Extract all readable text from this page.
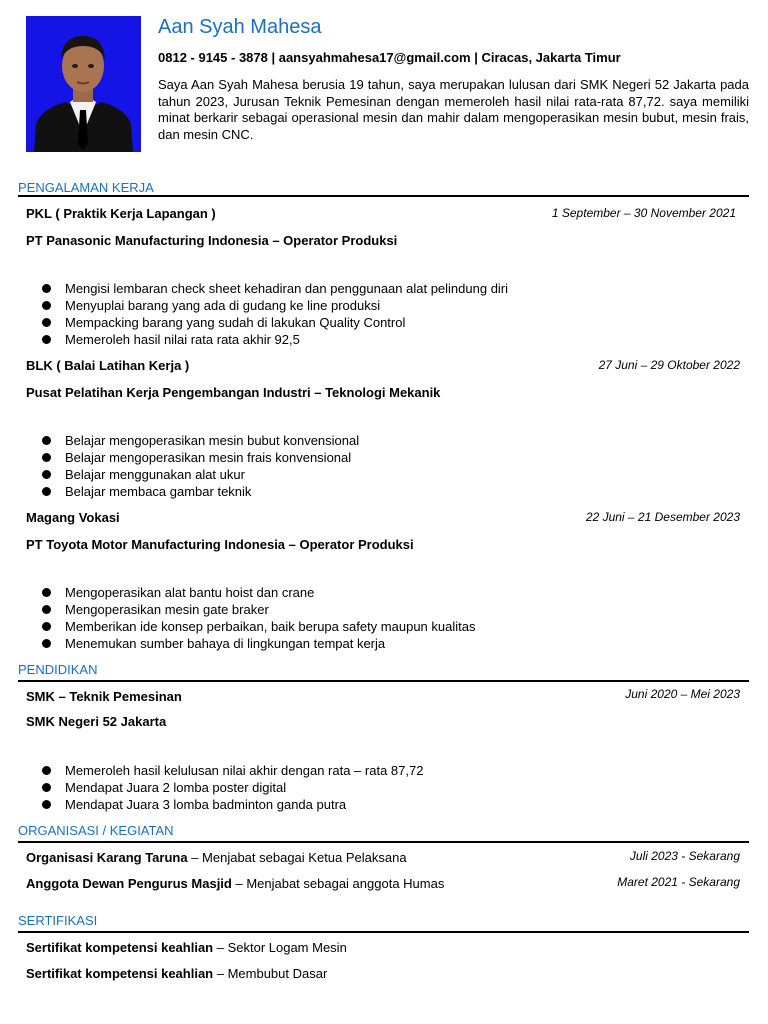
Aan Syah Mahesa
0812 - 9145 - 3878 | aansyahmahesa17@gmail.com | Ciracas, Jakarta Timur
Saya Aan Syah Mahesa berusia 19 tahun, saya merupakan lulusan dari SMK Negeri 52 Jakarta pada tahun 2023, Jurusan Teknik Pemesinan dengan memeroleh hasil nilai rata-rata 87,72. saya memiliki minat berkarir sebagai operasional mesin dan mahir dalam mengoperasikan mesin bubut, mesin frais, dan mesin CNC.
PENGALAMAN KERJA
PKL ( Praktik Kerja Lapangan )	1 September – 30 November 2021
PT Panasonic Manufacturing Indonesia – Operator Produksi
Mengisi lembaran check sheet kehadiran dan penggunaan alat pelindung diri
Menyuplai barang yang ada di gudang ke line produksi
Mempacking barang yang sudah di lakukan Quality Control
Memeroleh hasil nilai rata rata akhir 92,5
BLK ( Balai Latihan Kerja )	27 Juni – 29 Oktober 2022
Pusat Pelatihan Kerja Pengembangan Industri – Teknologi Mekanik
Belajar mengoperasikan mesin bubut konvensional
Belajar mengoperasikan mesin frais konvensional
Belajar menggunakan alat ukur
Belajar membaca gambar teknik
Magang Vokasi	22 Juni – 21 Desember 2023
PT Toyota Motor Manufacturing Indonesia – Operator Produksi
Mengoperasikan alat bantu hoist dan crane
Mengoperasikan mesin gate braker
Memberikan ide konsep perbaikan, baik berupa safety maupun kualitas
Menemukan sumber bahaya di lingkungan tempat kerja
PENDIDIKAN
SMK – Teknik Pemesinan	Juni 2020 – Mei 2023
SMK Negeri 52 Jakarta
Memeroleh hasil kelulusan nilai akhir dengan rata – rata 87,72
Mendapat Juara 2 lomba poster digital
Mendapat Juara 3 lomba badminton ganda putra
ORGANISASI / KEGIATAN
Organisasi Karang Taruna – Menjabat sebagai Ketua Pelaksana	Juli 2023 - Sekarang
Anggota Dewan Pengurus Masjid – Menjabat sebagai anggota Humas	Maret 2021 - Sekarang
SERTIFIKASI
Sertifikat kompetensi keahlian – Sektor Logam Mesin
Sertifikat kompetensi keahlian – Membubut Dasar
